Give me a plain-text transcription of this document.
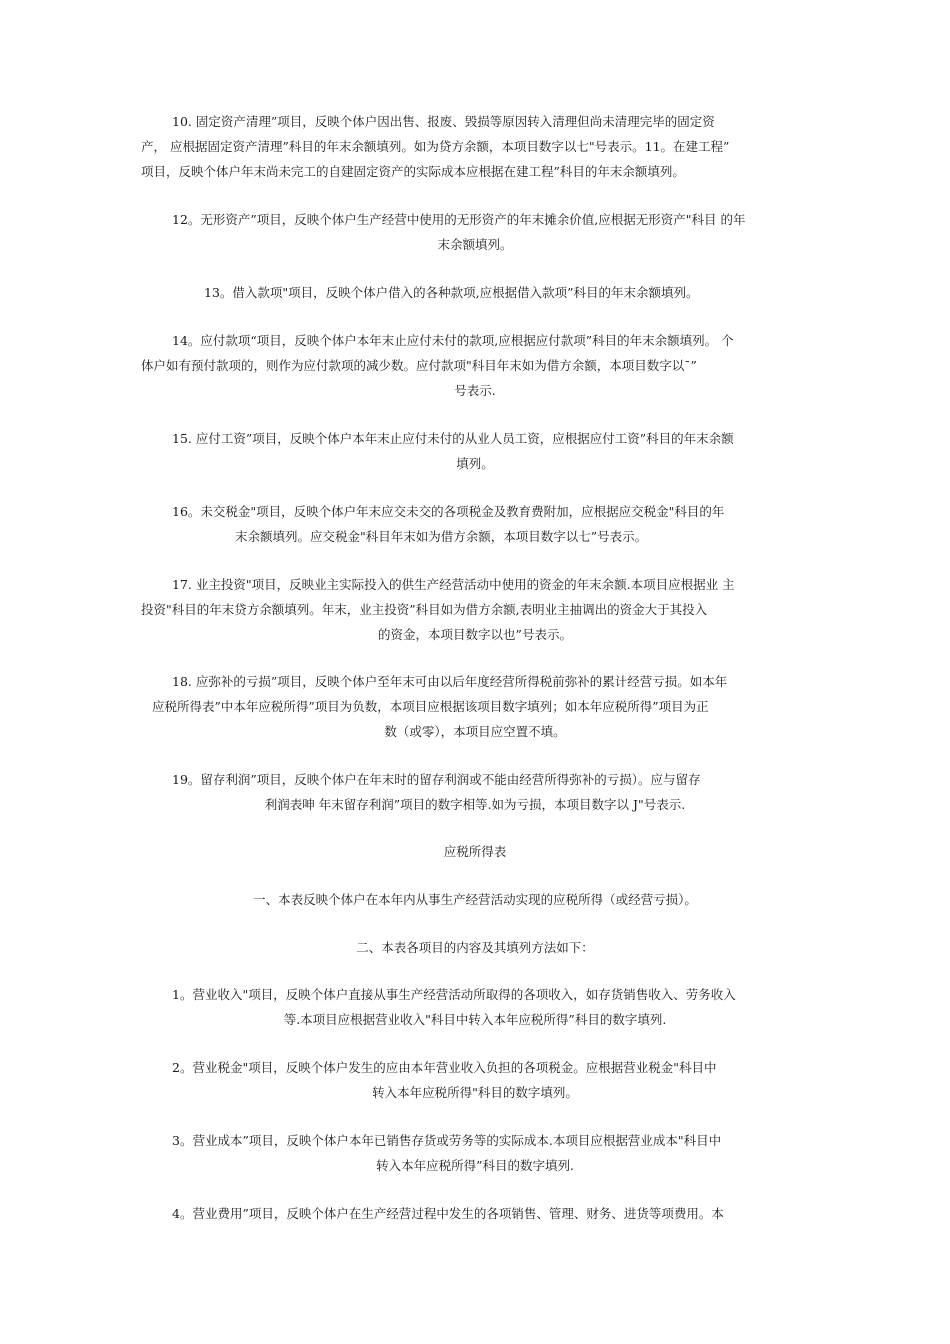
10. 固定资产清理”项目，反映个体户因出售、报废、毁损等原因转入清理但尚未清理完毕的固定资
产， 应根据固定资产清理”科目的年末余额填列。如为贷方余额，本项目数字以七"号表示。11。在建工程”
项目，反映个体户年末尚未完工的自建固定资产的实际成本应根据在建工程”科目的年末余额填列。
12。无形资产”项目，反映个体户生产经营中使用的无形资产的年末摊余价值,应根据无形资产"科目 的年
末余额填列。
13。借入款项"项目，反映个体户借入的各种款项,应根据借入款项”科目的年末余额填列。
14。应付款项“项目，反映个体户本年末止应付未付的款项,应根据应付款项”科目的年末余额填列。 个
体户如有预付款项的，则作为应付款项的减少数。应付款项"科目年末如为借方余额，本项目数字以ˉ”
号表示.
15. 应付工资”项目，反映个体户本年末止应付未付的从业人员工资，应根据应付工资”科目的年末余额
填列。
16。未交税金"项目，反映个体户年末应交未交的各项税金及教育费附加，应根据应交税金"科目的年
末余额填列。应交税金"科目年末如为借方余额，本项目数字以七”号表示。
17. 业主投资"项目，反映业主实际投入的供生产经营活动中使用的资金的年末余额.本项目应根据业 主
投资"科目的年末贷方余额填列。年末，业主投资”科目如为借方余额,表明业主抽调出的资金大于其投入
的资金，本项目数字以也”号表示。
18. 应弥补的亏损”项目，反映个体户至年末可由以后年度经营所得税前弥补的累计经营亏损。如本年
应税所得表”中本年应税所得”项目为负数，本项目应根据该项目数字填列；如本年应税所得”项目为正
数（或零），本项目应空置不填。
19。留存利润”项目，反映个体户在年末时的留存利润或不能由经营所得弥补的亏损）。应与留存
利润表呻 年末留存利润”项目的数字相等.如为亏损，本项目数字以 J"号表示.
应税所得表
一、本表反映个体户在本年内从事生产经营活动实现的应税所得（或经营亏损）。
二、本表各项目的内容及其填列方法如下：
1。营业收入"项目，反映个体户直接从事生产经营活动所取得的各项收入，如存货销售收入、劳务收入
等.本项目应根据营业收入"科目中转入本年应税所得”科目的数字填列.
2。营业税金"项目，反映个体户发生的应由本年营业收入负担的各项税金。应根据营业税金"科目中
转入本年应税所得"科目的数字填列。
3。营业成本”项目，反映个体户本年已销售存货或劳务等的实际成本.本项目应根据营业成本"科目中
转入本年应税所得”科目的数字填列.
4。营业费用”项目，反映个体户在生产经营过程中发生的各项销售、管理、财务、进货等项费用。本
